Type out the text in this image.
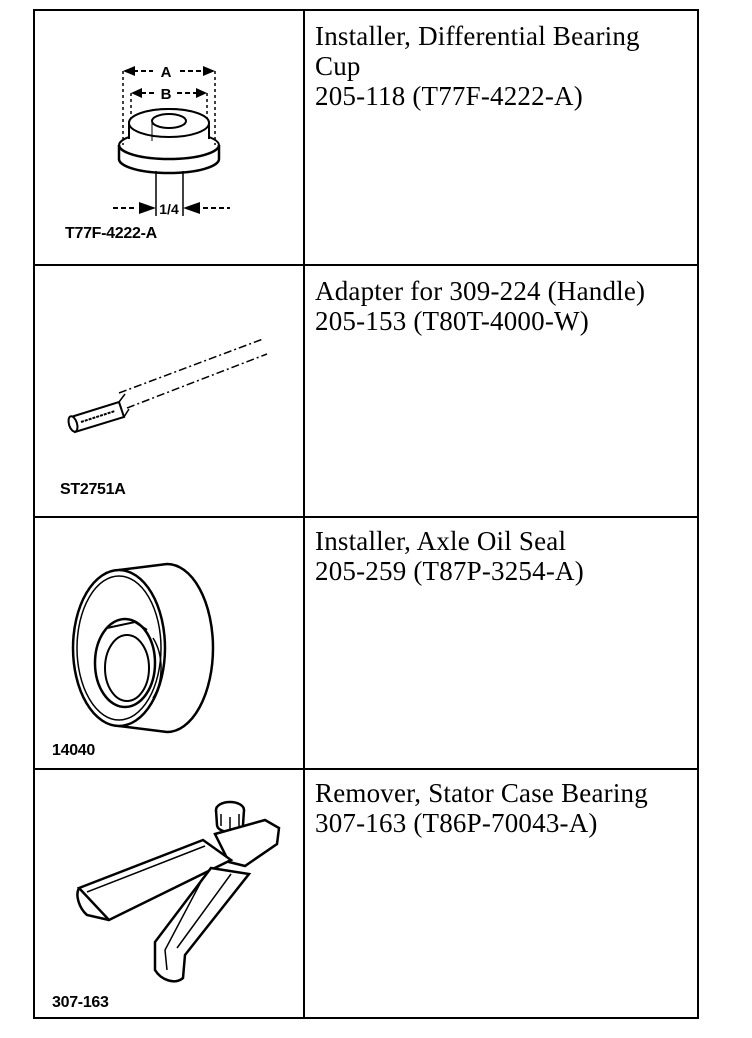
A
B
1/4
T77F-4222-A
Installer, Differential Bearing
Cup
205-118 (T77F-4222-A)
ST2751A
Adapter for 309-224 (Handle)
205-153 (T80T-4000-W)
14040
Installer, Axle Oil Seal
205-259 (T87P-3254-A)
307-163
Remover, Stator Case Bearing
307-163 (T86P-70043-A)
